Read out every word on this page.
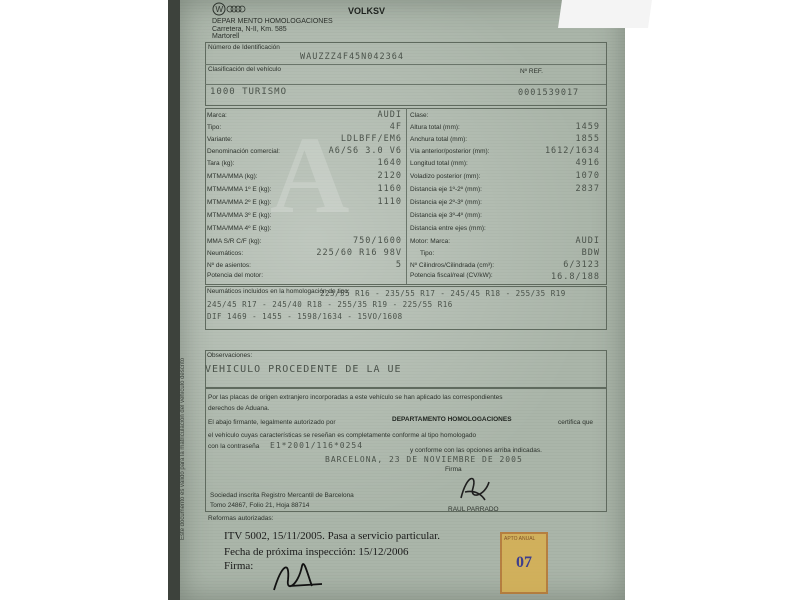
W
DEPAR MENTO HOMOLOGACIONES
Carretera, N-II, Km. 585
Martorell
VOLKSV
Este documento es válido para la matriculación del vehículo descrito
Número de Identificación
WAUZZZ4F45N042364
Clasificación del vehículo
1000 TURISMO
Nº REF.
0001539017
A
Marca:	AUDI
Tipo:	4F
Variante:	LDLBFF/EM6
Denominación comercial:	A6/S6 3.0 V6
Tara (kg):	1640
MTMA/MMA (kg):	2120
MTMA/MMA 1º E (kg):	1160
MTMA/MMA 2º E (kg):	1110
MTMA/MMA 3º E (kg):
MTMA/MMA 4º E (kg):
MMA S/R C/F (kg):	750/1600
Neumáticos:	225/60 R16 98V
Nº de asientos:	5
Potencia del motor:
Clase:
Altura total (mm):	1459
Anchura total (mm):	1855
Vía anterior/posterior (mm):	1612/1634
Longitud total (mm):	4916
Voladizo posterior (mm):	1070
Distancia eje 1º-2º (mm):	2837
Distancia eje 2º-3º (mm):
Distancia eje 3º-4º (mm):
Distancia entre ejes (mm):
Motor: Marca:	AUDI
Tipo:	BDW
Nº Cilindros/Cilindrada (cm³):	6/3123
Potencia fiscal/real (CV/kW):	16.8/188
Neumáticos incluidos en la homologación de tipo:
225/55 R16 - 235/55 R17 - 245/45 R18 - 255/35 R19
245/45 R17 - 245/40 R18 - 255/35 R19 - 225/55 R16
DIF 1469 - 1455 - 1598/1634 - 15VO/1608
Observaciones:
VEHICULO PROCEDENTE DE LA UE
Por las placas de origen extranjero incorporadas a este vehículo se han aplicado las correspondientes
derechos de Aduana.
El abajo firmante, legalmente autorizado por	DEPARTAMENTO HOMOLOGACIONES	certifica que
el vehículo cuyas características se reseñan es completamente conforme al tipo homologado
con la contraseña E1*2001/116*0254
y conforme con las opciones arriba indicadas.
BARCELONA, 23 DE NOVIEMBRE DE 2005
Firma
Sociedad inscrita Registro Mercantil de Barcelona
Tomo 24867, Folio 21, Hoja 88714
RAUL PARRADO
Reformas autorizadas:
ITV 5002, 15/11/2005. Pasa a servicio particular.
Fecha de próxima inspección: 15/12/2006
Firma:
APTO ANUAL
07
